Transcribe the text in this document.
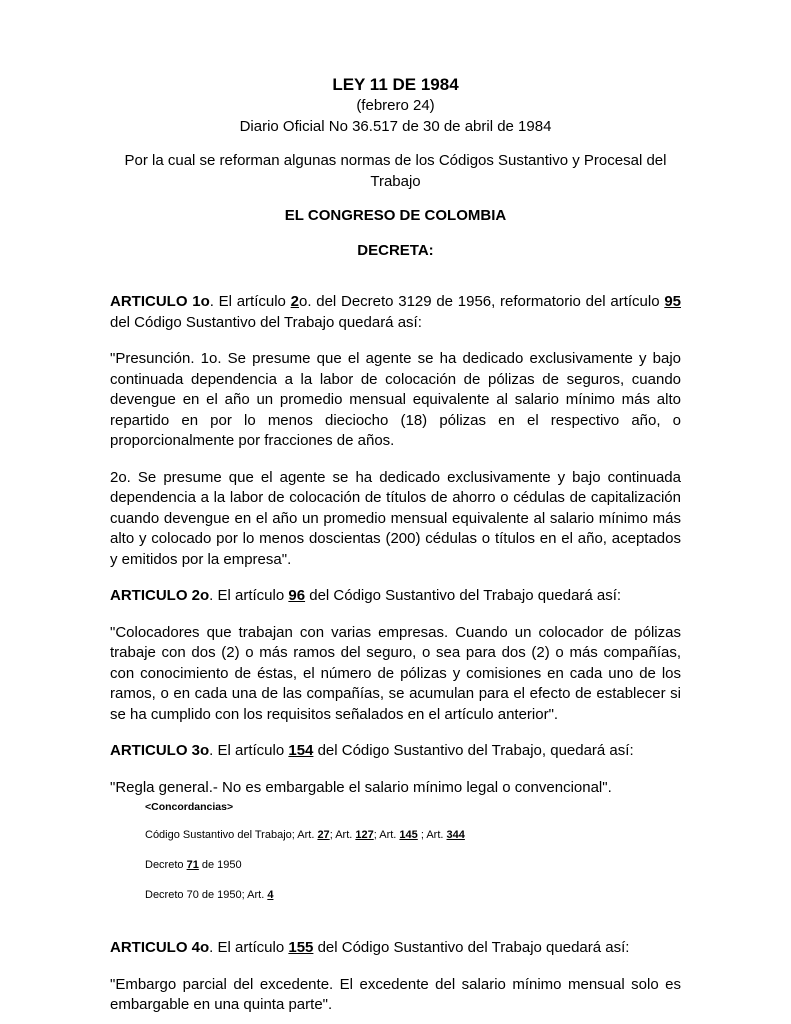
LEY 11 DE 1984
(febrero 24)
Diario Oficial No 36.517 de 30 de abril de 1984
Por la cual se reforman algunas normas de los Códigos Sustantivo y Procesal del Trabajo
EL CONGRESO DE COLOMBIA
DECRETA:

ARTICULO 1o. El artículo 2o. del Decreto 3129 de 1956, reformatorio del artículo 95 del Código Sustantivo del Trabajo quedará así:

"Presunción. 1o. Se presume que el agente se ha dedicado exclusivamente y bajo continuada dependencia a la labor de colocación de pólizas de seguros, cuando devengue en el año un promedio mensual equivalente al salario mínimo más alto repartido en por lo menos dieciocho (18) pólizas en el respectivo año, o proporcionalmente por fracciones de años.

2o. Se presume que el agente se ha dedicado exclusivamente y bajo continuada dependencia a la labor de colocación de títulos de ahorro o cédulas de capitalización cuando devengue en el año un promedio mensual equivalente al salario mínimo más alto y colocado por lo menos doscientas (200) cédulas o títulos en el año, aceptados y emitidos por la empresa".

ARTICULO 2o. El artículo 96 del Código Sustantivo del Trabajo quedará así:

"Colocadores que trabajan con varias empresas. Cuando un colocador de pólizas trabaje con dos (2) o más ramos del seguro, o sea para dos (2) o más compañías, con conocimiento de éstas, el número de pólizas y comisiones en cada uno de los ramos, o en cada una de las compañías, se acumulan para el efecto de establecer si se ha cumplido con los requisitos señalados en el artículo anterior".

ARTICULO 3o. El artículo 154 del Código Sustantivo del Trabajo, quedará así:

"Regla general.- No es embargable el salario mínimo legal o convencional".

<Concordancias>

Código Sustantivo del Trabajo; Art. 27; Art. 127; Art. 145 ; Art. 344

Decreto 71 de 1950

Decreto 70 de 1950; Art. 4

ARTICULO 4o. El artículo 155 del Código Sustantivo del Trabajo quedará así:

"Embargo parcial del excedente. El excedente del salario mínimo mensual solo es embargable en una quinta parte".
